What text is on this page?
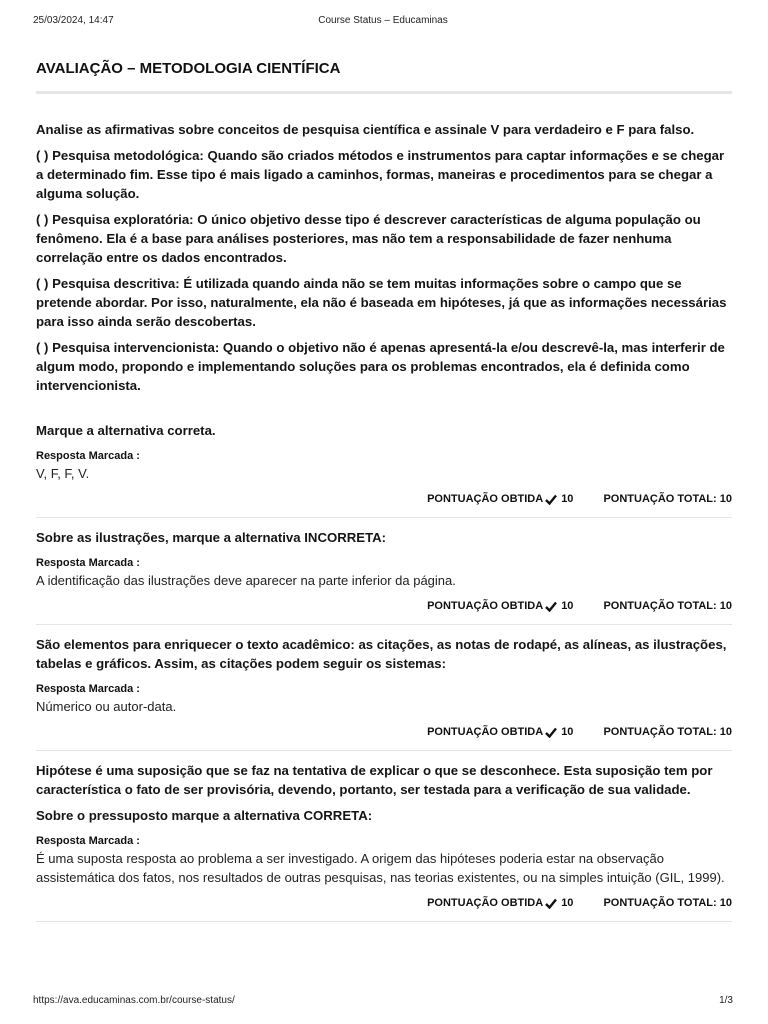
25/03/2024, 14:47	Course Status – Educaminas
AVALIAÇÃO – METODOLOGIA CIENTÍFICA

Analise as afirmativas sobre conceitos de pesquisa científica e assinale V para verdadeiro e F para falso.

( ) Pesquisa metodológica: Quando são criados métodos e instrumentos para captar informações e se chegar a determinado fim. Esse tipo é mais ligado a caminhos, formas, maneiras e procedimentos para se chegar a alguma solução.

( ) Pesquisa exploratória: O único objetivo desse tipo é descrever características de alguma população ou fenômeno. Ela é a base para análises posteriores, mas não tem a responsabilidade de fazer nenhuma correlação entre os dados encontrados.

( ) Pesquisa descritiva: É utilizada quando ainda não se tem muitas informações sobre o campo que se pretende abordar. Por isso, naturalmente, ela não é baseada em hipóteses, já que as informações necessárias para isso ainda serão descobertas.

( ) Pesquisa intervencionista: Quando o objetivo não é apenas apresentá-la e/ou descrevê-la, mas interferir de algum modo, propondo e implementando soluções para os problemas encontrados, ela é definida como intervencionista.

Marque a alternativa correta.

Resposta Marcada :

V, F, F, V.

PONTUAÇÃO OBTIDA 10	PONTUAÇÃO TOTAL: 10

Sobre as ilustrações, marque a alternativa INCORRETA:

Resposta Marcada :

A identificação das ilustrações deve aparecer na parte inferior da página.

PONTUAÇÃO OBTIDA 10	PONTUAÇÃO TOTAL: 10

São elementos para enriquecer o texto acadêmico: as citações, as notas de rodapé, as alíneas, as ilustrações, tabelas e gráficos. Assim, as citações podem seguir os sistemas:

Resposta Marcada :

Númerico ou autor-data.

PONTUAÇÃO OBTIDA 10	PONTUAÇÃO TOTAL: 10

Hipótese é uma suposição que se faz na tentativa de explicar o que se desconhece. Esta suposição tem por característica o fato de ser provisória, devendo, portanto, ser testada para a verificação de sua validade.

Sobre o pressuposto marque a alternativa CORRETA:

Resposta Marcada :

É uma suposta resposta ao problema a ser investigado. A origem das hipóteses poderia estar na observação assistemática dos fatos, nos resultados de outras pesquisas, nas teorias existentes, ou na simples intuição (GIL, 1999).

PONTUAÇÃO OBTIDA 10	PONTUAÇÃO TOTAL: 10
https://ava.educaminas.com.br/course-status/	1/3
